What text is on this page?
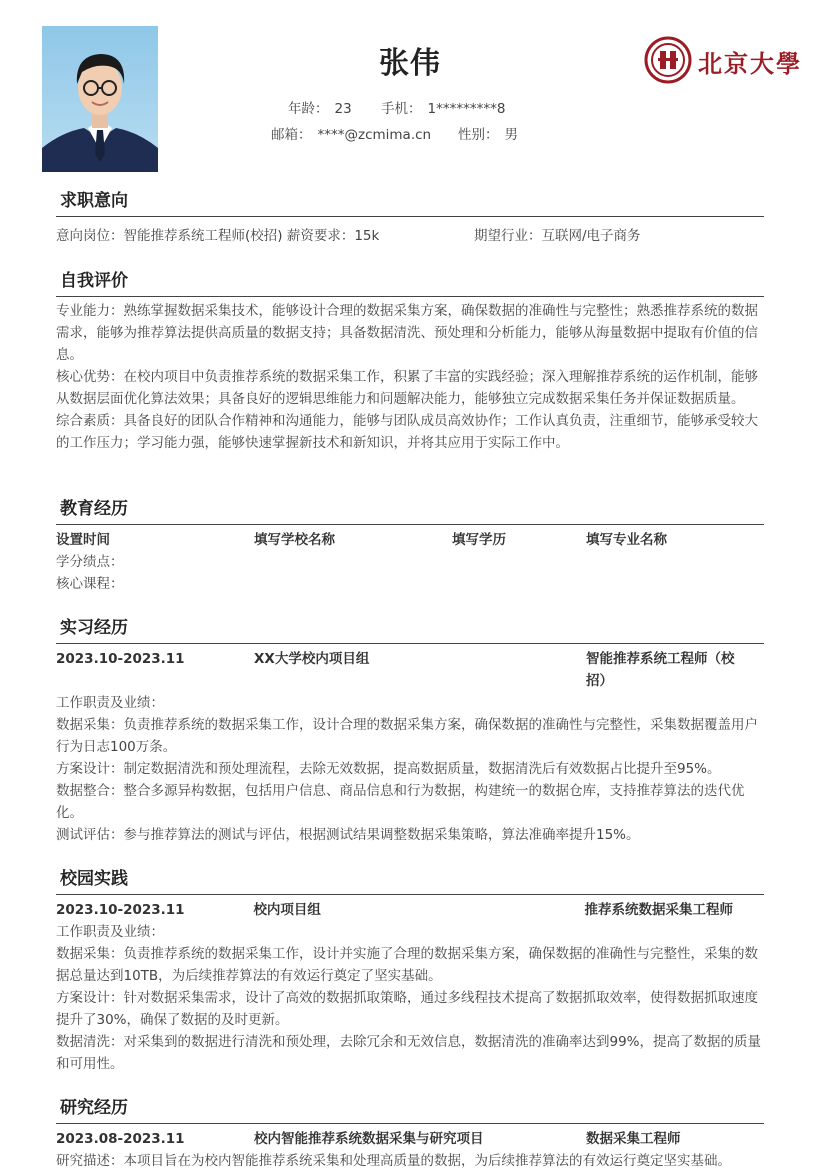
张伟
年龄： 23 手机： 1*********8
邮箱： ****@zcmima.cn 性别： 男
北京大學
求职意向
意向岗位：智能推荐系统工程师(校招) 薪资要求：15k	期望行业：互联网/电子商务
自我评价
专业能力：熟练掌握数据采集技术，能够设计合理的数据采集方案，确保数据的准确性与完整性；熟悉推荐系统的数据需求，能够为推荐算法提供高质量的数据支持；具备数据清洗、预处理和分析能力，能够从海量数据中提取有价值的信息。
核心优势：在校内项目中负责推荐系统的数据采集工作，积累了丰富的实践经验；深入理解推荐系统的运作机制，能够从数据层面优化算法效果；具备良好的逻辑思维能力和问题解决能力，能够独立完成数据采集任务并保证数据质量。
综合素质：具备良好的团队合作精神和沟通能力，能够与团队成员高效协作；工作认真负责，注重细节，能够承受较大的工作压力；学习能力强，能够快速掌握新技术和新知识，并将其应用于实际工作中。
教育经历
设置时间	填写学校名称	填写学历	填写专业名称
学分绩点：
核心课程：
实习经历
2023.10-2023.11	XX大学校内项目组	智能推荐系统工程师（校招）
工作职责及业绩：
数据采集：负责推荐系统的数据采集工作，设计合理的数据采集方案，确保数据的准确性与完整性，采集数据覆盖用户行为日志100万条。
方案设计：制定数据清洗和预处理流程，去除无效数据，提高数据质量，数据清洗后有效数据占比提升至95%。
数据整合：整合多源异构数据，包括用户信息、商品信息和行为数据，构建统一的数据仓库，支持推荐算法的迭代优化。
测试评估：参与推荐算法的测试与评估，根据测试结果调整数据采集策略，算法准确率提升15%。
校园实践
2023.10-2023.11	校内项目组	推荐系统数据采集工程师
工作职责及业绩：
数据采集：负责推荐系统的数据采集工作，设计并实施了合理的数据采集方案，确保数据的准确性与完整性，采集的数据总量达到10TB，为后续推荐算法的有效运行奠定了坚实基础。
方案设计：针对数据采集需求，设计了高效的数据抓取策略，通过多线程技术提高了数据抓取效率，使得数据抓取速度提升了30%，确保了数据的及时更新。
数据清洗：对采集到的数据进行清洗和预处理，去除冗余和无效信息，数据清洗的准确率达到99%，提高了数据的质量和可用性。
研究经历
2023.08-2023.11	校内智能推荐系统数据采集与研究项目	数据采集工程师
研究描述：本项目旨在为校内智能推荐系统采集和处理高质量的数据，为后续推荐算法的有效运行奠定坚实基础。
